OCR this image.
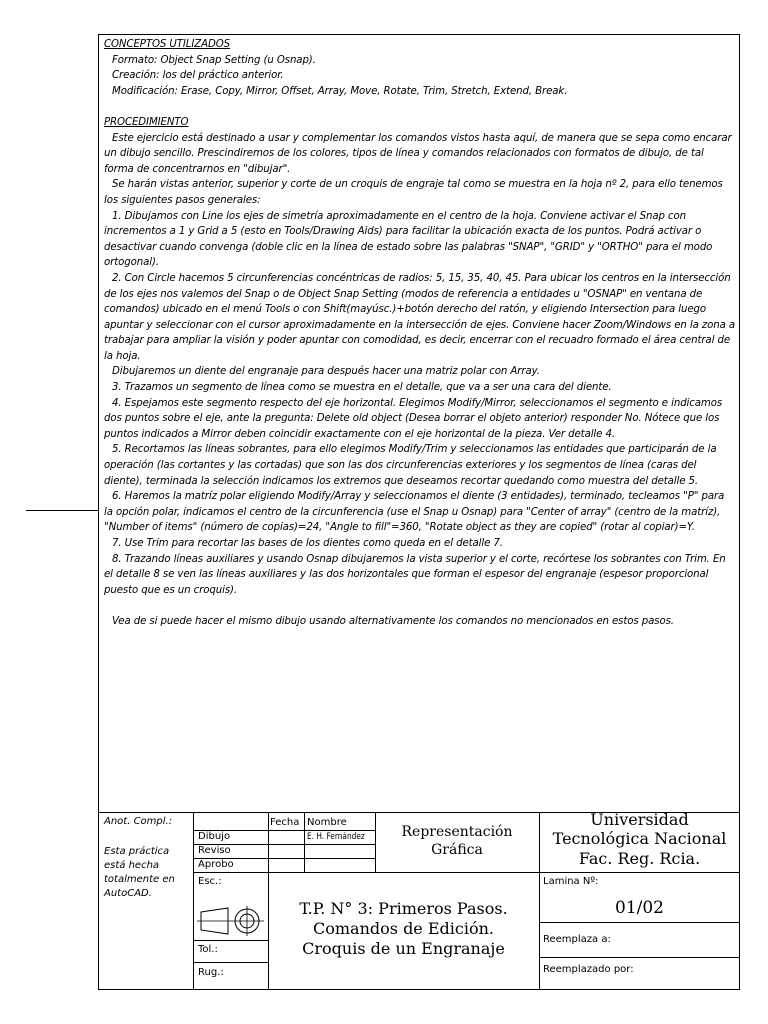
CONCEPTOS UTILIZADOS

Formato: Object Snap Setting (u Osnap).

Creación: los del práctico anterior.

Modificación: Erase, Copy, Mirror, Offset, Array, Move, Rotate, Trim, Stretch, Extend, Break.

PROCEDIMIENTO

Este ejercicio está destinado a usar y complementar los comandos vistos hasta aquí, de manera que se sepa como encarar un dibujo sencillo. Prescindiremos de los colores, tipos de línea y comandos relacionados con formatos de dibujo, de tal forma de concentrarnos en "dibujar".

Se harán vistas anterior, superior y corte de un croquis de engraje tal como se muestra en la hoja nº 2, para ello tenemos los siguientes pasos generales:

1. Dibujamos con Line los ejes de simetría aproximadamente en el centro de la hoja. Conviene activar el Snap con incrementos a 1 y Grid a 5 (esto en Tools/Drawing Aids) para facilitar la ubicación exacta de los puntos. Podrá activar o desactivar cuando convenga (doble clic en la línea de estado sobre las palabras "SNAP", "GRID" y "ORTHO" para el modo ortogonal).

2. Con Circle hacemos 5 circunferencias concéntricas de radios: 5, 15, 35, 40, 45. Para ubicar los centros en la intersección de los ejes nos valemos del Snap o de Object Snap Setting (modos de referencia a entidades u "OSNAP" en ventana de comandos) ubicado en el menú Tools o con Shift(mayúsc.)+botón derecho del ratón, y eligiendo Intersection para luego apuntar y seleccionar con el cursor aproximadamente en la intersección de ejes. Conviene hacer Zoom/Windows en la zona a trabajar para ampliar la visión y poder apuntar con comodidad, es decir, encerrar con el recuadro formado el área central de la hoja.

Dibujaremos un diente del engranaje para después hacer una matriz polar con Array.

3. Trazamos un segmento de línea como se muestra en el detalle, que va a ser una cara del diente.

4. Espejamos este segmento respecto del eje horizontal. Elegimos Modify/Mirror, seleccionamos el segmento e indicamos dos puntos sobre el eje, ante la pregunta: Delete old object (Desea borrar el objeto anterior) responder No. Nótece que los puntos indicados a Mirror deben coincidir exactamente con el eje horizontal de la pieza. Ver detalle 4.

5. Recortamos las líneas sobrantes, para ello elegimos Modify/Trim y seleccionamos las entidades que participarán de la operación (las cortantes y las cortadas) que son las dos circunferencias exteriores y los segmentos de línea (caras del diente), terminada la selección indicamos los extremos que deseamos recortar quedando como muestra del detalle 5.

6. Haremos la matríz polar eligiendo Modify/Array y seleccionamos el diente (3 entidades), terminado, tecleamos "P" para la opción polar, indicamos el centro de la circunferencia (use el Snap u Osnap) para "Center of array" (centro de la matríz), "Number of items" (número de copias)=24, "Angle to fill"=360, "Rotate object as they are copied" (rotar al copiar)=Y.

7. Use Trim para recortar las bases de los dientes como queda en el detalle 7.

8. Trazando líneas auxiliares y usando Osnap dibujaremos la vista superior y el corte, recórtese los sobrantes con Trim. En el detalle 8 se ven las líneas auxiliares y las dos horizontales que forman el espesor del engranaje (espesor proporcional puesto que es un croquis).

Vea de si puede hacer el mismo dibujo usando alternativamente los comandos no mencionados en estos pasos.

Anot. Compl.:
Esta práctica
está hecha
totalmente en
AutoCAD.
Fecha Nombre
Dibujo	E. H. Fernández
Reviso
Aprobo
Esc.:
Tol.:
Rug.:
Representación
Gráfica
Universidad
Tecnológica Nacional
Fac. Reg. Rcia.
T.P. N° 3: Primeros Pasos.
Comandos de Edición.
Croquis de un Engranaje
Lamina Nº:
01/02
Reemplaza a:
Reemplazado por:
